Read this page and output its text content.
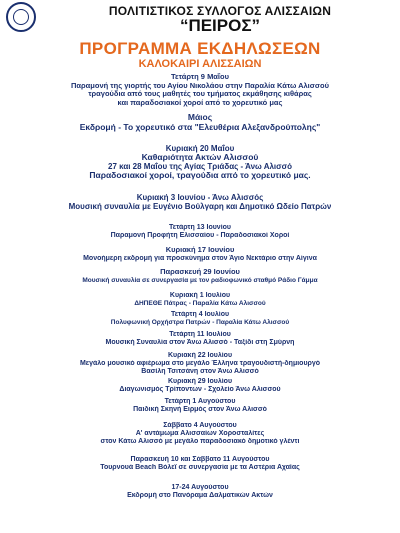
ΠΟΛΙΤΙΣΤΙΚΟΣ ΣΥΛΛΟΓΟΣ ΑΛΙΣΣΑΙΩΝ
“ΠΕΙΡΟΣ”
ΠΡΟΓΡΑΜΜΑ ΕΚΔΗΛΩΣΕΩΝ
ΚΑΛΟΚΑΙΡΙ ΑΛΙΣΣΑΙΩΝ
Τετάρτη 9 Μαΐου
Παραμονή της γιορτής του Αγίου Νικολάου στην Παραλία Κάτω Αλισσού
τραγούδια από τους μαθητές του τμήματος εκμάθησης κιθάρας
και παραδοσιακοί χοροί από το χορευτικό μας
Μάιος
Εκδρομή - Το χορευτικό στα "Ελευθέρια Αλεξανδρούπολης"
Κυριακή 20 Μαΐου
Καθαριότητα Ακτών Αλισσού
27 και 28 Μαΐου της Αγίας Τριάδας - Άνω Αλισσό
Παραδοσιακοί χοροί, τραγούδια από το χορευτικό μας.
Κυριακή 3 Ιουνίου - Άνω Αλισσός
Μουσική συναυλία με Ευγένιο Βούλγαρη και Δημοτικό Ωδείο Πατρών
Τετάρτη 13 Ιουνίου
Παραμονή Προφήτη Ελισσαίου - Παραδοσιακοί Χοροί
Κυριακή 17 Ιουνίου
Μονοήμερη εκδρομή για προσκύνημα στον Άγιο Νεκτάριο στην Αίγινα
Παρασκευή 29 Ιουνίου
Μουσική συναυλία σε συνεργασία με τον ραδιοφωνικό σταθμό Ράδιο Γάμμα
Κυριακή 1 Ιουλίου
ΔΗΠΕΘΕ Πάτρας - Παραλία Κάτω Αλισσού
Τετάρτη 4 Ιουλίου
Πολυφωνική Ορχήστρα Πατρών - Παραλία Κάτω Αλισσού
Τετάρτη 11 Ιουλίου
Μουσική Συναυλία στον Άνω Αλισσό - Ταξίδι στη Σμύρνη
Κυριακή 22 Ιουλίου
Μεγάλο μουσικό αφιέρωμα στο μεγάλο Έλληνα τραγουδιστή-δημιουργό
Βασίλη Τσιτσάνη στον Άνω Αλισσό
Κυριακή 29 Ιουλίου
Διαγωνισμός Τρίποντων - Σχολείο Άνω Αλισσού
Τετάρτη 1 Αυγούστου
Παιδική Σκηνή Ειρμός στον Άνω Αλισσό
Σάββατο 4 Αυγούστου
Α' αντάμωμα Αλισσαίων Χοροσταλίτες
στον Κάτω Αλισσό με μεγάλο παραδοσιακό δημοτικό γλέντι
Παρασκευή 10 και Σάββατο 11 Αυγούστου
Τουρνουά Beach Βόλεϊ σε συνεργασία με τα Αστέρια Αχαΐας
17-24 Αυγούστου
Εκδρομή στο Πανόραμα Δαλματικών Ακτών
